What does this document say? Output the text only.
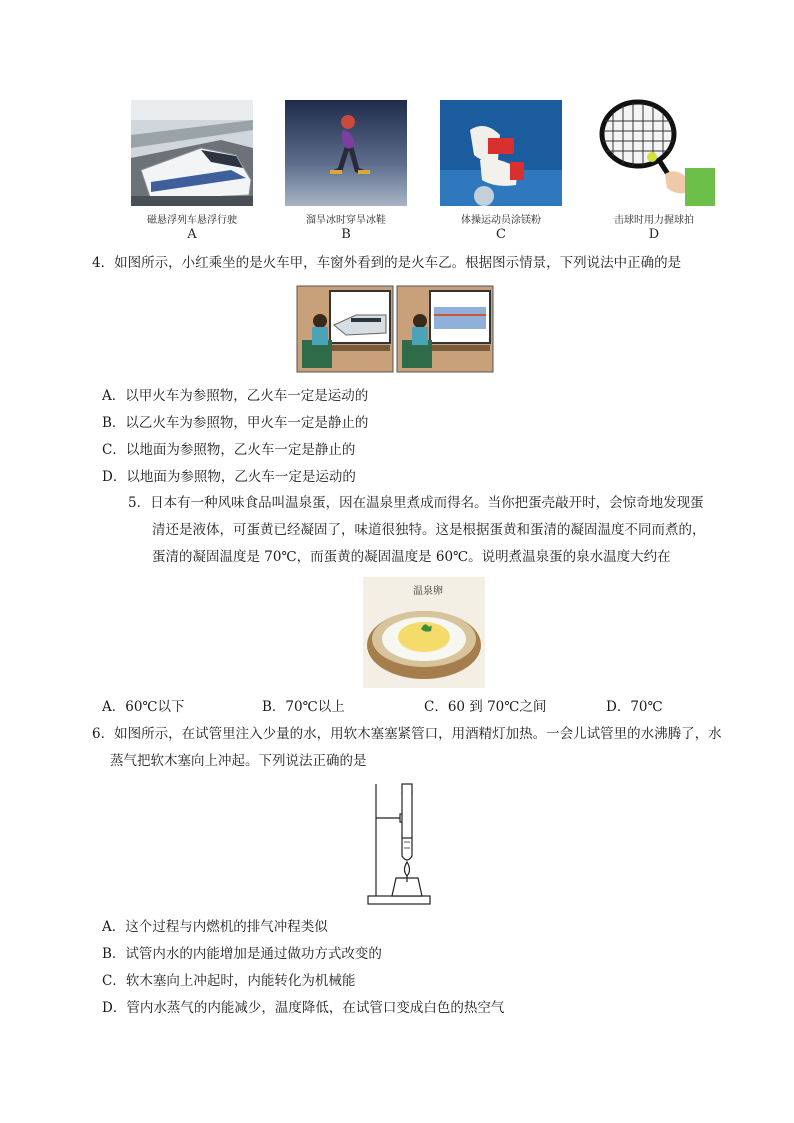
磁悬浮列车悬浮行驶	溜旱冰时穿旱冰鞋	体操运动员涂镁粉	击球时用力握球拍
A	B	C	D
4．如图所示，小红乘坐的是火车甲，车窗外看到的是火车乙。根据图示情景，下列说法中正确的是
A．以甲火车为参照物，乙火车一定是运动的
B．以乙火车为参照物，甲火车一定是静止的
C．以地面为参照物，乙火车一定是静止的
D．以地面为参照物，乙火车一定是运动的
5．日本有一种风味食品叫温泉蛋，因在温泉里煮成而得名。当你把蛋壳敲开时，会惊奇地发现蛋
清还是液体，可蛋黄已经凝固了，味道很独特。这是根据蛋黄和蛋清的凝固温度不同而煮的，
蛋清的凝固温度是 70℃，而蛋黄的凝固温度是 60℃。说明煮温泉蛋的泉水温度大约在
温泉卵
A．60℃以下	B．70℃以上	C．60 到 70℃之间	D．70℃
6．如图所示，在试管里注入少量的水，用软木塞塞紧管口，用酒精灯加热。一会儿试管里的水沸腾了，水
蒸气把软木塞向上冲起。下列说法正确的是
A．这个过程与内燃机的排气冲程类似
B．试管内水的内能增加是通过做功方式改变的
C．软木塞向上冲起时，内能转化为机械能
D．管内水蒸气的内能减少，温度降低，在试管口变成白色的热空气
